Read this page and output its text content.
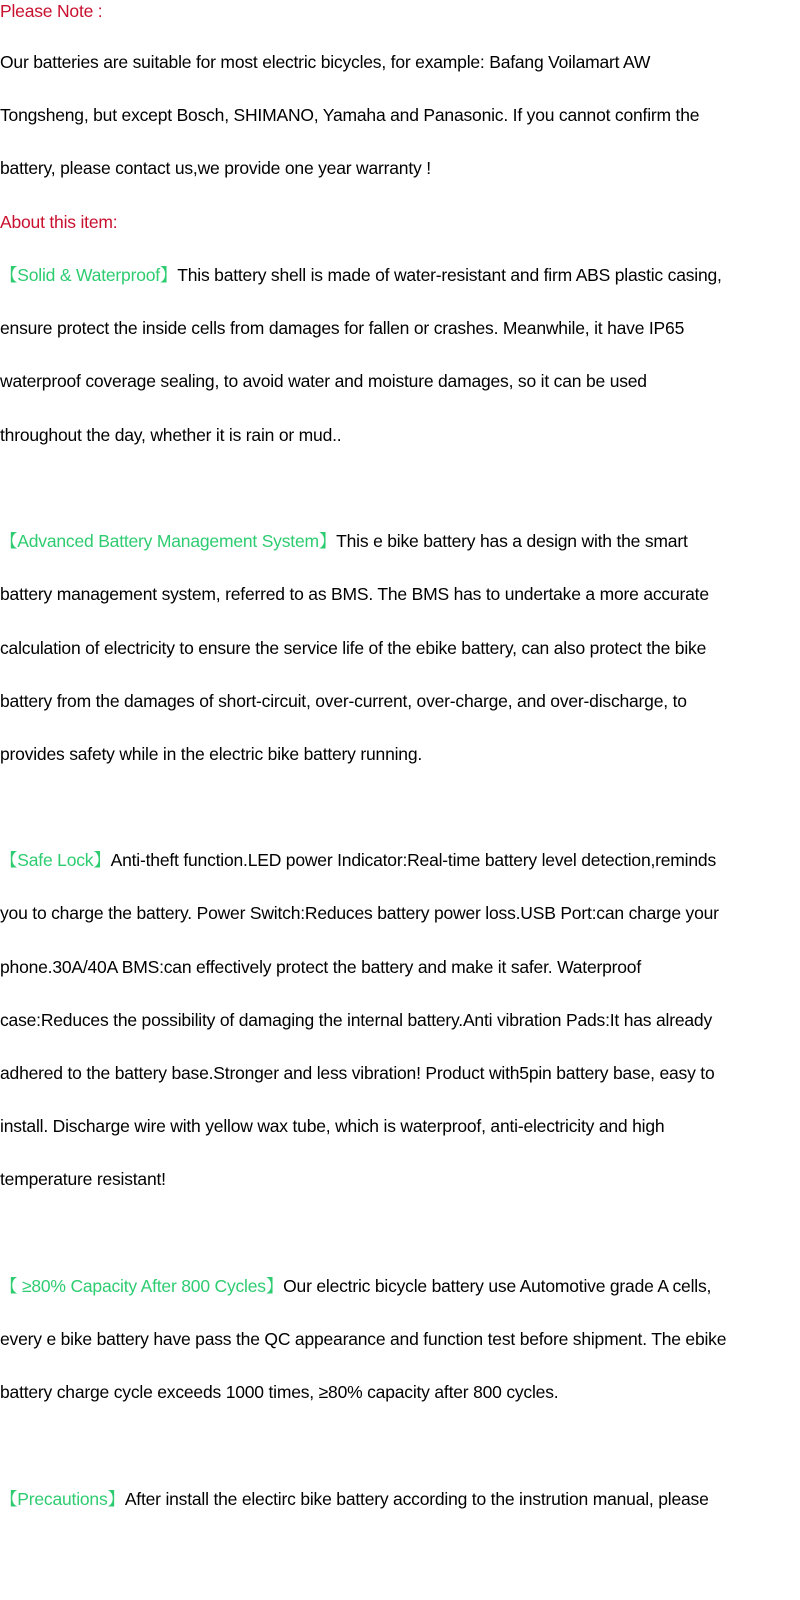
Please Note :
Our batteries are suitable for most electric bicycles, for example: Bafang Voilamart AW
Tongsheng, but except Bosch, SHIMANO, Yamaha and Panasonic. If you cannot confirm the
battery, please contact us,we provide one year warranty !
About this item:
【Solid & Waterproof】This battery shell is made of water-resistant and firm ABS plastic casing,
ensure protect the inside cells from damages for fallen or crashes. Meanwhile, it have IP65
waterproof coverage sealing, to avoid water and moisture damages, so it can be used
throughout the day, whether it is rain or mud..
【Advanced Battery Management System】This e bike battery has a design with the smart
battery management system, referred to as BMS. The BMS has to undertake a more accurate
calculation of electricity to ensure the service life of the ebike battery, can also protect the bike
battery from the damages of short-circuit, over-current, over-charge, and over-discharge, to
provides safety while in the electric bike battery running.
【Safe Lock】Anti-theft function.LED power Indicator:Real-time battery level detection,reminds
you to charge the battery. Power Switch:Reduces battery power loss.USB Port:can charge your
phone.30A/40A BMS:can effectively protect the battery and make it safer. Waterproof
case:Reduces the possibility of damaging the internal battery.Anti vibration Pads:It has already
adhered to the battery base.Stronger and less vibration! Product with5pin battery base, easy to
install. Discharge wire with yellow wax tube, which is waterproof, anti-electricity and high
temperature resistant!
【 ≥80% Capacity After 800 Cycles】Our electric bicycle battery use Automotive grade A cells,
every e bike battery have pass the QC appearance and function test before shipment. The ebike
battery charge cycle exceeds 1000 times, ≥80% capacity after 800 cycles.
【Precautions】After install the electirc bike battery according to the instrution manual, please
